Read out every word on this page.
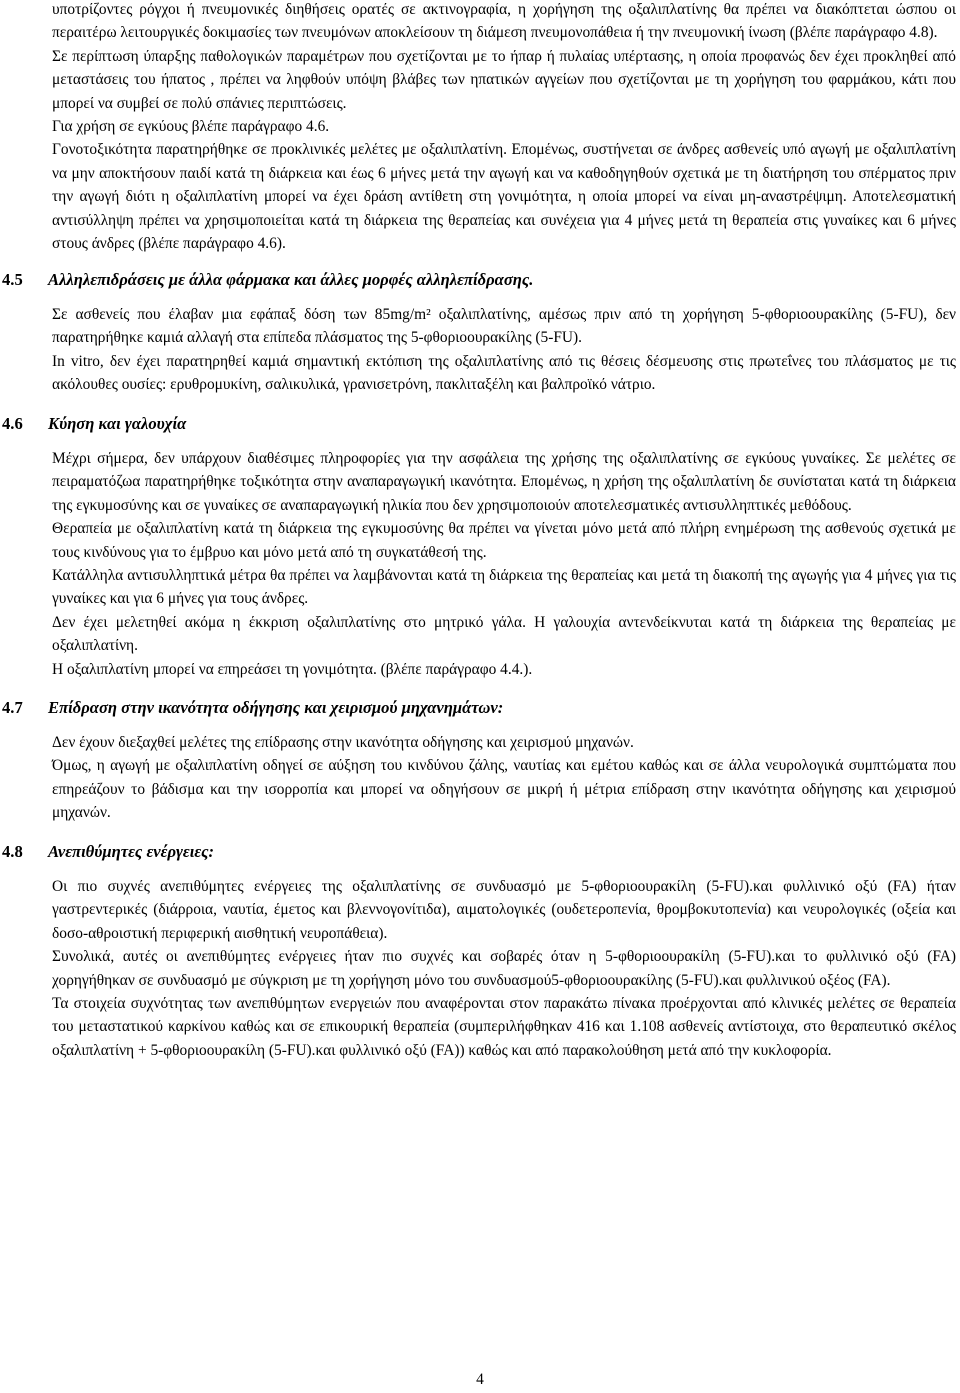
υποτρίζοντες ρόγχοι ή πνευμονικές διηθήσεις ορατές σε ακτινογραφία, η χορήγηση της οξαλιπλατίνης θα πρέπει να διακόπτεται ώσπου οι περαιτέρω λειτουργικές δοκιμασίες των πνευμόνων αποκλείσουν τη διάμεση πνευμονοπάθεια ή την πνευμονική ίνωση (βλέπε παράγραφο 4.8).

Σε περίπτωση ύπαρξης παθολογικών παραμέτρων που σχετίζονται με το ήπαρ ή πυλαίας υπέρτασης, η οποία προφανώς δεν έχει προκληθεί από μεταστάσεις του ήπατος , πρέπει να ληφθούν υπόψη βλάβες των ηπατικών αγγείων που σχετίζονται με τη χορήγηση του φαρμάκου, κάτι που μπορεί να συμβεί σε πολύ σπάνιες περιπτώσεις.

Για χρήση σε εγκύους βλέπε παράγραφο 4.6.

Γονοτοξικότητα παρατηρήθηκε σε προκλινικές μελέτες με οξαλιπλατίνη. Επομένως, συστήνεται σε άνδρες ασθενείς υπό αγωγή με οξαλιπλατίνη να μην αποκτήσουν παιδί κατά τη διάρκεια και έως 6 μήνες μετά την αγωγή και να καθοδηγηθούν σχετικά με τη διατήρηση του σπέρματος πριν την αγωγή διότι η οξαλιπλατίνη μπορεί να έχει δράση αντίθετη στη γονιμότητα, η οποία μπορεί να είναι μη-αναστρέψιμη. Αποτελεσματική αντισύλληψη πρέπει να χρησιμοποιείται κατά τη διάρκεια της θεραπείας και συνέχεια για 4 μήνες μετά τη θεραπεία στις γυναίκες και 6 μήνες στους άνδρες (βλέπε παράγραφο 4.6).

4.5 Αλληλεπιδράσεις με άλλα φάρμακα και άλλες μορφές αλληλεπίδρασης.

Σε ασθενείς που έλαβαν μια εφάπαξ δόση των 85mg/m² οξαλιπλατίνης, αμέσως πριν από τη χορήγηση 5-φθοριοουρακίλης (5-FU), δεν παρατηρήθηκε καμιά αλλαγή στα επίπεδα πλάσματος της 5-φθοριοουρακίλης (5-FU).

In vitro, δεν έχει παρατηρηθεί καμιά σημαντική εκτόπιση της οξαλιπλατίνης από τις θέσεις δέσμευσης στις πρωτεΐνες του πλάσματος με τις ακόλουθες ουσίες: ερυθρομυκίνη, σαλικυλικά, γρανισετρόνη, πακλιταξέλη και βαλπροϊκό νάτριο.

4.6 Κύηση και γαλουχία

Μέχρι σήμερα, δεν υπάρχουν διαθέσιμες πληροφορίες για την ασφάλεια της χρήσης της οξαλιπλατίνης σε εγκύους γυναίκες. Σε μελέτες σε πειραματόζωα παρατηρήθηκε τοξικότητα στην αναπαραγωγική ικανότητα. Επομένως, η χρήση της οξαλιπλατίνη δε συνίσταται κατά τη διάρκεια της εγκυμοσύνης και σε γυναίκες σε αναπαραγωγική ηλικία που δεν χρησιμοποιούν αποτελεσματικές αντισυλληπτικές μεθόδους.

Θεραπεία με οξαλιπλατίνη κατά τη διάρκεια της εγκυμοσύνης θα πρέπει να γίνεται μόνο μετά από πλήρη ενημέρωση της ασθενούς σχετικά με τους κινδύνους για το έμβρυο και μόνο μετά από τη συγκατάθεσή της.

Κατάλληλα αντισυλληπτικά μέτρα θα πρέπει να λαμβάνονται κατά τη διάρκεια της θεραπείας και μετά τη διακοπή της αγωγής για 4 μήνες για τις γυναίκες και για 6 μήνες για τους άνδρες.

Δεν έχει μελετηθεί ακόμα η έκκριση οξαλιπλατίνης στο μητρικό γάλα. Η γαλουχία αντενδείκνυται κατά τη διάρκεια της θεραπείας με οξαλιπλατίνη.

Η οξαλιπλατίνη μπορεί να επηρεάσει τη γονιμότητα. (βλέπε παράγραφο 4.4.).

4.7 Επίδραση στην ικανότητα οδήγησης και χειρισμού μηχανημάτων:

Δεν έχουν διεξαχθεί μελέτες της επίδρασης στην ικανότητα οδήγησης και χειρισμού μηχανών.

Όμως, η αγωγή με οξαλιπλατίνη οδηγεί σε αύξηση του κινδύνου ζάλης, ναυτίας και εμέτου καθώς και σε άλλα νευρολογικά συμπτώματα που επηρεάζουν το βάδισμα και την ισορροπία και μπορεί να οδηγήσουν σε μικρή ή μέτρια επίδραση στην ικανότητα οδήγησης και χειρισμού μηχανών.

4.8 Ανεπιθύμητες ενέργειες:

Οι πιο συχνές ανεπιθύμητες ενέργειες της οξαλιπλατίνης σε συνδυασμό με 5-φθοριοουρακίλη (5-FU).και φυλλινικό οξύ (FA) ήταν γαστρεντερικές (διάρροια, ναυτία, έμετος και βλεννογονίτιδα), αιματολογικές (ουδετεροπενία, θρομβοκυτοπενία) και νευρολογικές (οξεία και δοσο-αθροιστική περιφερική αισθητική νευροπάθεια).

Συνολικά, αυτές οι ανεπιθύμητες ενέργειες ήταν πιο συχνές και σοβαρές όταν η 5-φθοριοουρακίλη (5-FU).και το φυλλινικό οξύ (FA) χορηγήθηκαν σε συνδυασμό με σύγκριση με τη χορήγηση μόνο του συνδυασμού5-φθοριοουρακίλης (5-FU).και φυλλινικού οξέος (FA).

Τα στοιχεία συχνότητας των ανεπιθύμητων ενεργειών που αναφέρονται στον παρακάτω πίνακα προέρχονται από κλινικές μελέτες σε θεραπεία του μεταστατικού καρκίνου καθώς και σε επικουρική θεραπεία (συμπεριλήφθηκαν 416 και 1.108 ασθενείς αντίστοιχα, στο θεραπευτικό σκέλος οξαλιπλατίνη + 5-φθοριοουρακίλη (5-FU).και φυλλινικό οξύ (FA)) καθώς και από παρακολούθηση μετά από την κυκλοφορία.

4
